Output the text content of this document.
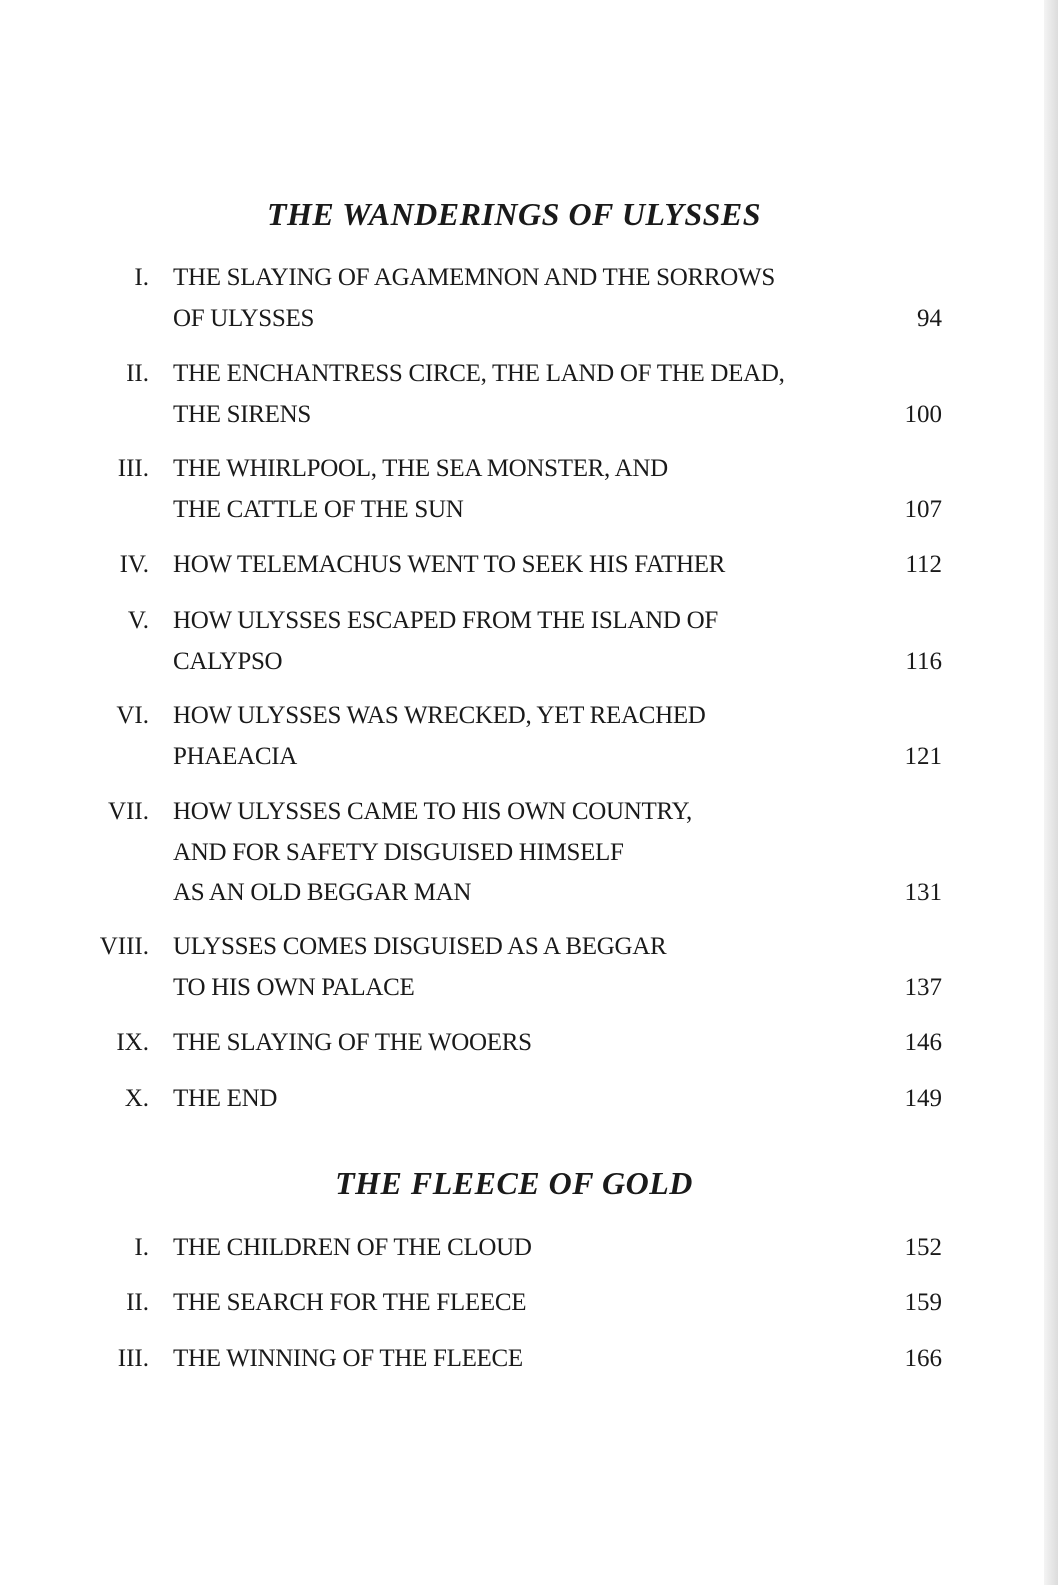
THE WANDERINGS OF ULYSSES
I. THE SLAYING OF AGAMEMNON AND THE SORROWS
OF ULYSSES	94
II. THE ENCHANTRESS CIRCE, THE LAND OF THE DEAD,
THE SIRENS	100
III. THE WHIRLPOOL, THE SEA MONSTER, AND
THE CATTLE OF THE SUN	107
IV. HOW TELEMACHUS WENT TO SEEK HIS FATHER	112
V. HOW ULYSSES ESCAPED FROM THE ISLAND OF
CALYPSO	116
VI. HOW ULYSSES WAS WRECKED, YET REACHED
PHAEACIA	121
VII. HOW ULYSSES CAME TO HIS OWN COUNTRY,
AND FOR SAFETY DISGUISED HIMSELF
AS AN OLD BEGGAR MAN	131
VIII. ULYSSES COMES DISGUISED AS A BEGGAR
TO HIS OWN PALACE	137
IX. THE SLAYING OF THE WOOERS	146
X. THE END	149
THE FLEECE OF GOLD
I. THE CHILDREN OF THE CLOUD	152
II. THE SEARCH FOR THE FLEECE	159
III. THE WINNING OF THE FLEECE	166
